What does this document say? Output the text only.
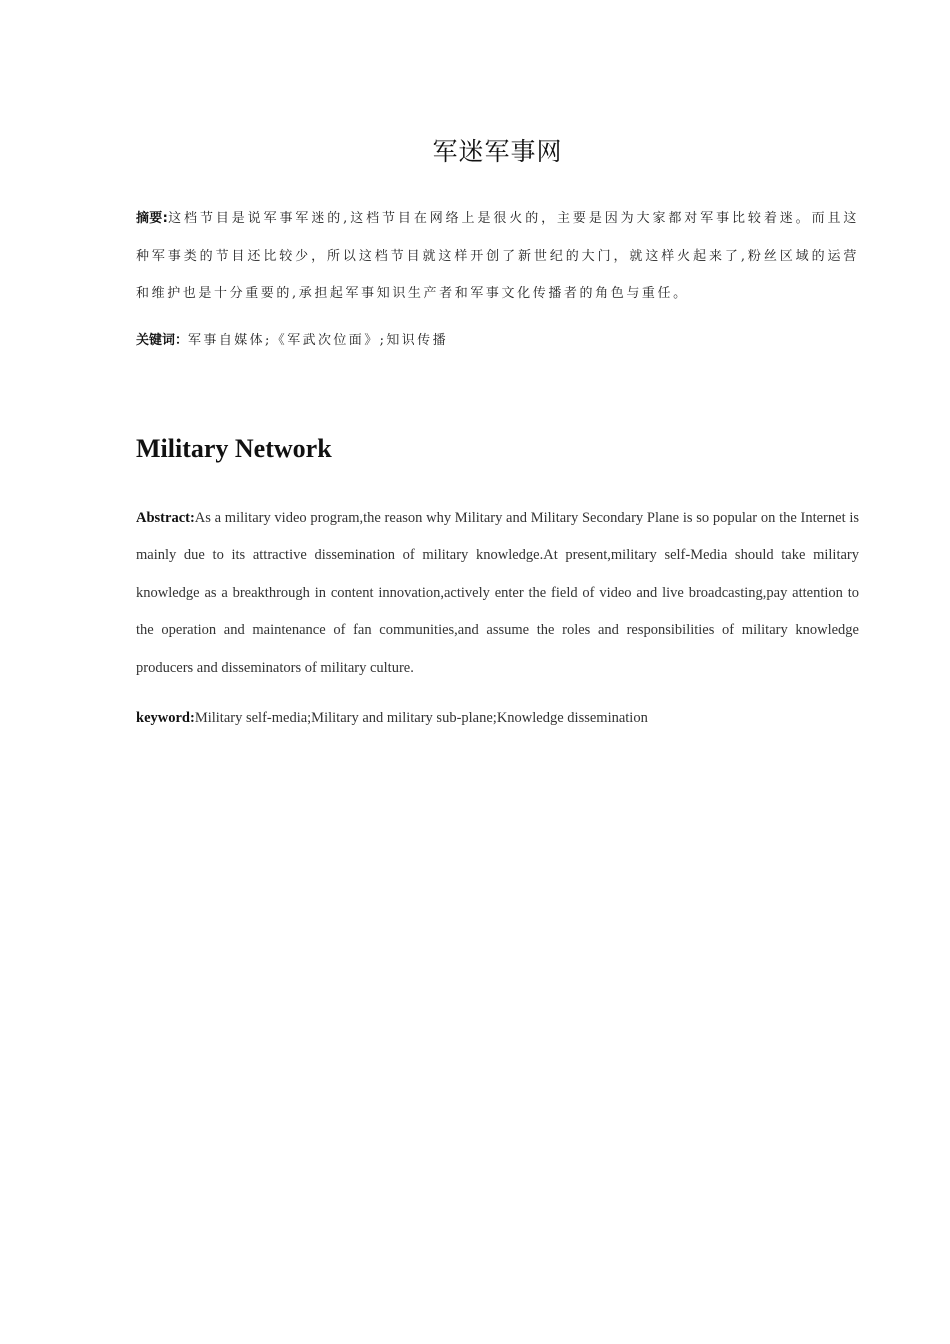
军迷军事网

摘要:这档节目是说军事军迷的,这档节目在网络上是很火的，主要是因为大家都对军事比较着迷。而且这种军事类的节目还比较少，所以这档节目就这样开创了新世纪的大门，就这样火起来了,粉丝区域的运营和维护也是十分重要的,承担起军事知识生产者和军事文化传播者的角色与重任。

关键词：军事自媒体;《军武次位面》;知识传播

Military Network

Abstract:As a military video program,the reason why Military and Military Secondary Plane is so popular on the Internet is mainly due to its attractive dissemination of military knowledge.At present,military self-Media should take military knowledge as a breakthrough in content innovation,actively enter the field of video and live broadcasting,pay attention to the operation and maintenance of fan communities,and assume the roles and responsibilities of military knowledge producers and disseminators of military culture.

keyword:Military self-media;Military and military sub-plane;Knowledge dissemination
